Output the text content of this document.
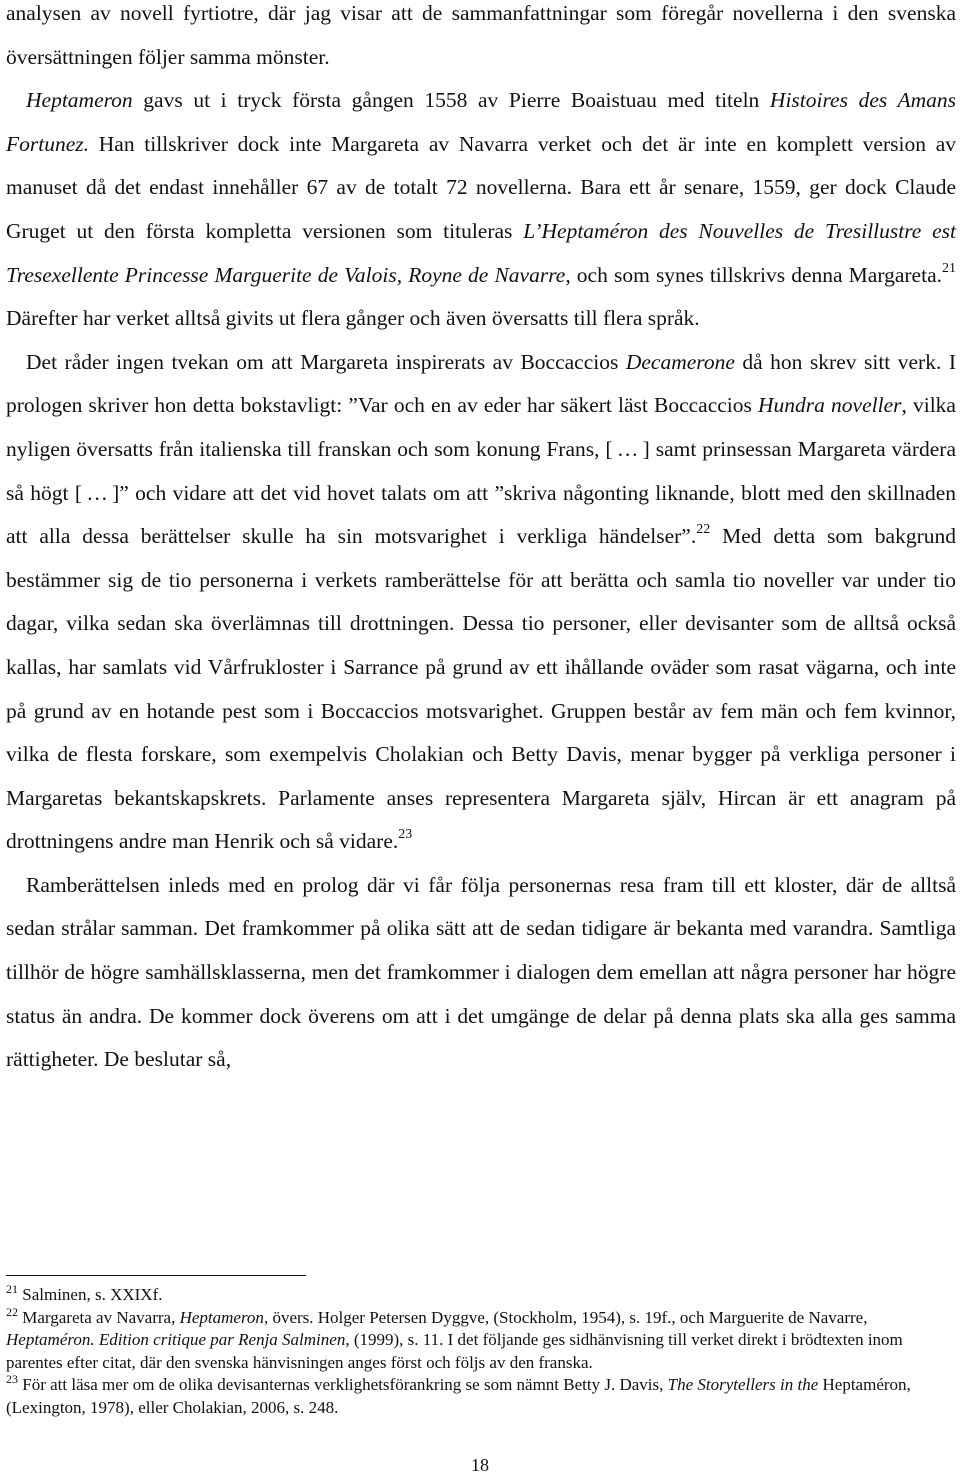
analysen av novell fyrtiotre, där jag visar att de sammanfattningar som föregår novellerna i den svenska översättningen följer samma mönster.

Heptameron gavs ut i tryck första gången 1558 av Pierre Boaistuau med titeln Histoires des Amans Fortunez. Han tillskriver dock inte Margareta av Navarra verket och det är inte en komplett version av manuset då det endast innehåller 67 av de totalt 72 novellerna. Bara ett år senare, 1559, ger dock Claude Gruget ut den första kompletta versionen som tituleras L’Heptaméron des Nouvelles de Tresillustre est Tresexellente Princesse Marguerite de Valois, Royne de Navarre, och som synes tillskrivs denna Margareta.$^{21}$ Därefter har verket alltså givits ut flera gånger och även översatts till flera språk.

Det råder ingen tvekan om att Margareta inspirerats av Boccaccios Decamerone då hon skrev sitt verk. I prologen skriver hon detta bokstavligt: ”Var och en av eder har säkert läst Boccaccios Hundra noveller, vilka nyligen översatts från italienska till franskan och som konung Frans, [ … ] samt prinsessan Margareta värdera så högt [ … ]” och vidare att det vid hovet talats om att ”skriva någonting liknande, blott med den skillnaden att alla dessa berättelser skulle ha sin motsvarighet i verkliga händelser”.$^{22}$ Med detta som bakgrund bestämmer sig de tio personerna i verkets ramberättelse för att berätta och samla tio noveller var under tio dagar, vilka sedan ska överlämnas till drottningen. Dessa tio personer, eller devisanter som de alltså också kallas, har samlats vid Vårfrukloster i Sarrance på grund av ett ihållande oväder som rasat vägarna, och inte på grund av en hotande pest som i Boccaccios motsvarighet. Gruppen består av fem män och fem kvinnor, vilka de flesta forskare, som exempelvis Cholakian och Betty Davis, menar bygger på verkliga personer i Margaretas bekantskapskrets. Parlamente anses representera Margareta själv, Hircan är ett anagram på drottningens andre man Henrik och så vidare.$^{23}$

Ramberättelsen inleds med en prolog där vi får följa personernas resa fram till ett kloster, där de alltså sedan strålar samman. Det framkommer på olika sätt att de sedan tidigare är bekanta med varandra. Samtliga tillhör de högre samhällsklasserna, men det framkommer i dialogen dem emellan att några personer har högre status än andra. De kommer dock överens om att i det umgänge de delar på denna plats ska alla ges samma rättigheter. De beslutar så,

$^{21}$ Salminen, s. XXIXf.

$^{22}$ Margareta av Navarra, Heptameron, övers. Holger Petersen Dyggve, (Stockholm, 1954), s. 19f., och Marguerite de Navarre, Heptaméron. Edition critique par Renja Salminen, (1999), s. 11. I det följande ges sidhänvisning till verket direkt i brödtexten inom parentes efter citat, där den svenska hänvisningen anges först och följs av den franska.

$^{23}$ För att läsa mer om de olika devisanternas verklighetsförankring se som nämnt Betty J. Davis, The Storytellers in the Heptaméron, (Lexington, 1978), eller Cholakian, 2006, s. 248.

18
